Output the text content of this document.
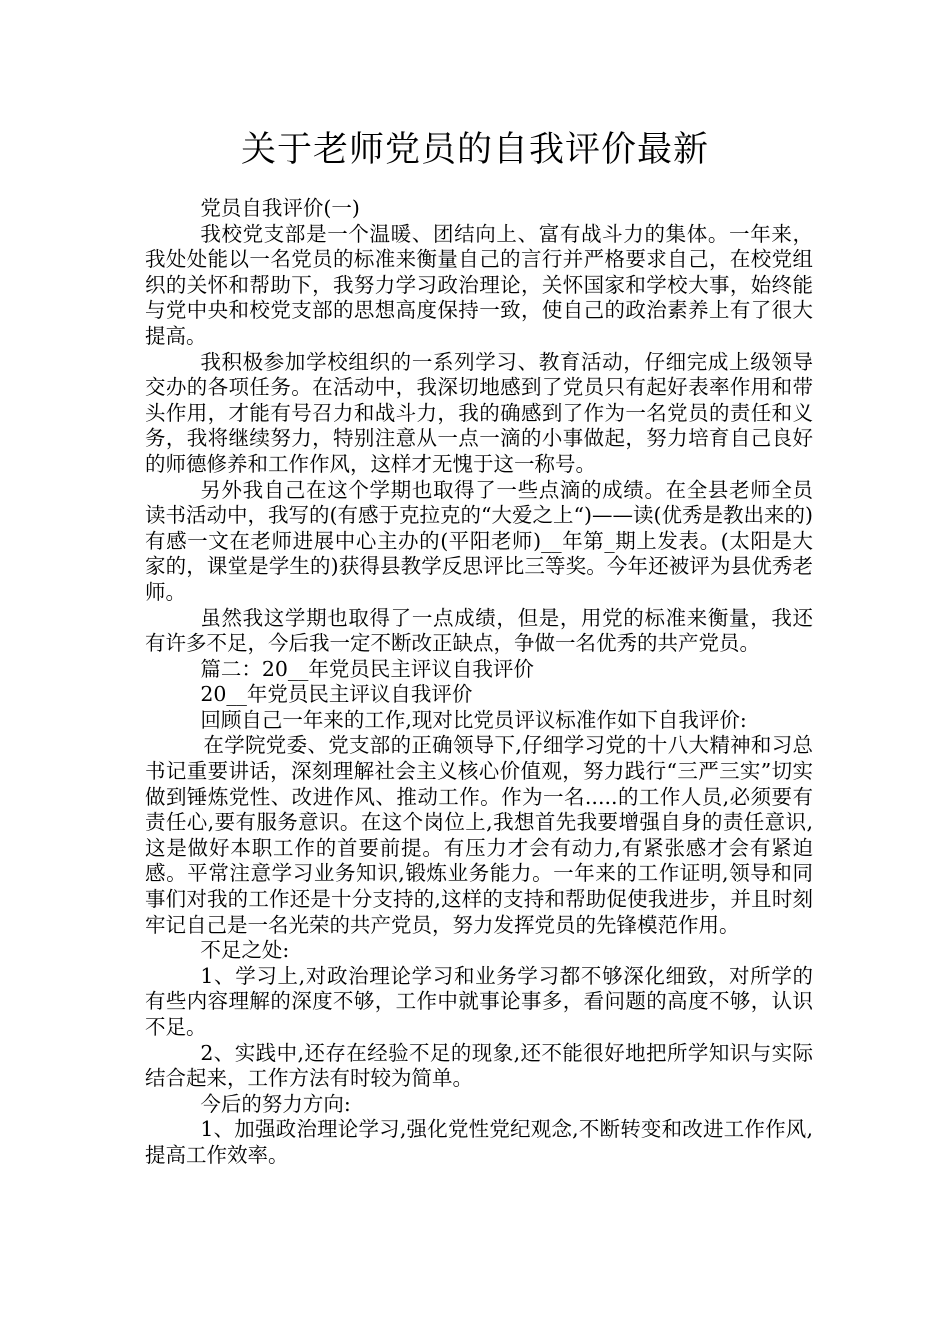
关于老师党员的自我评价最新

党员自我评价(一)

我校党支部是一个温暖、团结向上、富有战斗力的集体。一年来，我处处能以一名党员的标准来衡量自己的言行并严格要求自己，在校党组织的关怀和帮助下，我努力学习政治理论，关怀国家和学校大事，始终能与党中央和校党支部的思想高度保持一致，使自己的政治素养上有了很大提高。

我积极参加学校组织的一系列学习、教育活动，仔细完成上级领导交办的各项任务。在活动中，我深切地感到了党员只有起好表率作用和带头作用，才能有号召力和战斗力，我的确感到了作为一名党员的责任和义务，我将继续努力，特别注意从一点一滴的小事做起，努力培育自己良好的师德修养和工作作风，这样才无愧于这一称号。

另外我自己在这个学期也取得了一些点滴的成绩。在全县老师全员读书活动中，我写的(有感于克拉克的“大爱之上“)——读(优秀是教出来的)有感一文在老师进展中心主办的(平阳老师)__年第_期上发表。(太阳是大家的，课堂是学生的)获得县教学反思评比三等奖。今年还被评为县优秀老师。

虽然我这学期也取得了一点成绩，但是，用党的标准来衡量，我还有许多不足，今后我一定不断改正缺点，争做一名优秀的共产党员。

篇二：20__年党员民主评议自我评价

20__年党员民主评议自我评价

回顾自己一年来的工作,现对比党员评议标准作如下自我评价:

在学院党委、党支部的正确领导下,仔细学习党的十八大精神和习总书记重要讲话，深刻理解社会主义核心价值观，努力践行“三严三实”切实做到锤炼党性、改进作风、推动工作。作为一名.....的工作人员,必须要有责任心,要有服务意识。在这个岗位上,我想首先我要增强自身的责任意识,这是做好本职工作的首要前提。有压力才会有动力,有紧张感才会有紧迫感。平常注意学习业务知识,锻炼业务能力。一年来的工作证明,领导和同事们对我的工作还是十分支持的,这样的支持和帮助促使我进步，并且时刻牢记自己是一名光荣的共产党员，努力发挥党员的先锋模范作用。

不足之处:

1、学习上,对政治理论学习和业务学习都不够深化细致，对所学的有些内容理解的深度不够，工作中就事论事多，看问题的高度不够，认识不足。

2、实践中,还存在经验不足的现象,还不能很好地把所学知识与实际结合起来，工作方法有时较为简单。

今后的努力方向:

1、加强政治理论学习,强化党性党纪观念,不断转变和改进工作作风,提高工作效率。
